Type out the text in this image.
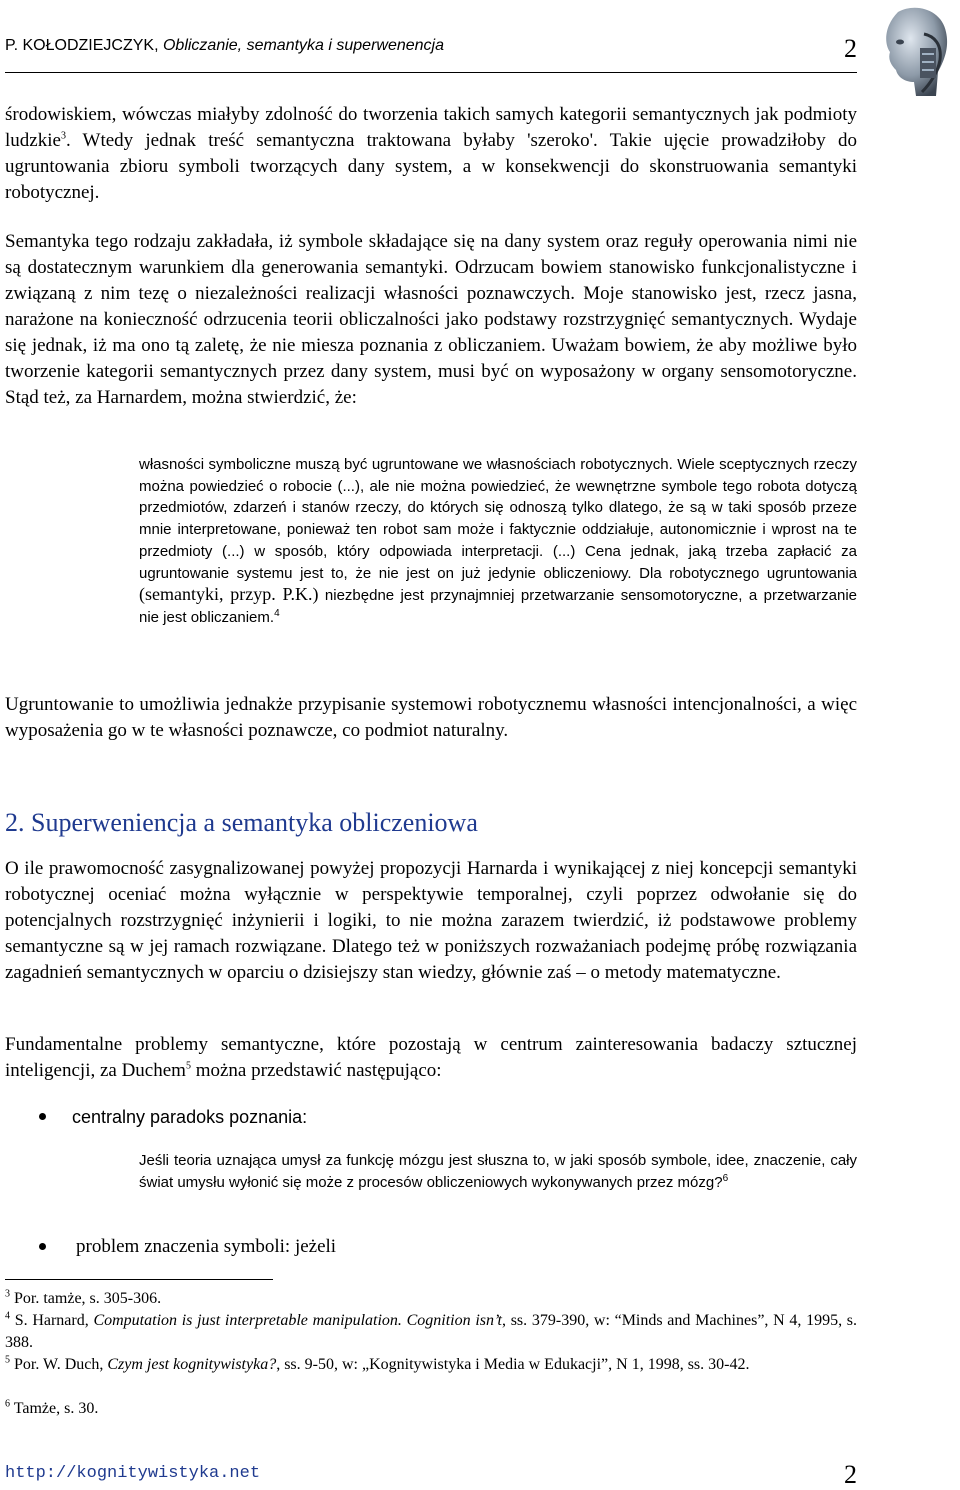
P. KOŁODZIEJCZYK, Obliczanie, semantyka i superwenencja	2

środowiskiem, wówczas miałyby zdolność do tworzenia takich samych kategorii semantycznych jak podmioty ludzkie$^3$. Wtedy jednak treść semantyczna traktowana byłaby 'szeroko'. Takie ujęcie prowadziłoby do ugruntowania zbioru symboli tworzących dany system, a w konsekwencji do skonstruowania semantyki robotycznej.

Semantyka tego rodzaju zakładała, iż symbole składające się na dany system oraz reguły operowania nimi nie są dostatecznym warunkiem dla generowania semantyki. Odrzucam bowiem stanowisko funkcjonalistyczne i związaną z nim tezę o niezależności realizacji własności poznawczych. Moje stanowisko jest, rzecz jasna, narażone na konieczność odrzucenia teorii obliczalności jako podstawy rozstrzygnięć semantycznych. Wydaje się jednak, iż ma ono tą zaletę, że nie miesza poznania z obliczaniem. Uważam bowiem, że aby możliwe było tworzenie kategorii semantycznych przez dany system, musi być on wyposażony w organy sensomotoryczne. Stąd też, za Harnardem, można stwierdzić, że:

własności symboliczne muszą być ugruntowane we własnościach robotycznych. Wiele sceptycznych rzeczy można powiedzieć o robocie (...), ale nie można powiedzieć, że wewnętrzne symbole tego robota dotyczą przedmiotów, zdarzeń i stanów rzeczy, do których się odnoszą tylko dlatego, że są w taki sposób przeze mnie interpretowane, ponieważ ten robot sam może i faktycznie oddziałuje, autonomicznie i wprost na te przedmioty (...) w sposób, który odpowiada interpretacji. (...) Cena jednak, jaką trzeba zapłacić za ugruntowanie systemu jest to, że nie jest on już jedynie obliczeniowy. Dla robotycznego ugruntowania (semantyki, przyp. P.K.) niezbędne jest przynajmniej przetwarzanie sensomotoryczne, a przetwarzanie nie jest obliczaniem.$^4$

Ugruntowanie to umożliwia jednakże przypisanie systemowi robotycznemu własności intencjonalności, a więc wyposażenia go w te własności poznawcze, co podmiot naturalny.

2. Superweniencja a semantyka obliczeniowa

O ile prawomocność zasygnalizowanej powyżej propozycji Harnarda i wynikającej z niej koncepcji semantyki robotycznej oceniać można wyłącznie w perspektywie temporalnej, czyli poprzez odwołanie się do potencjalnych rozstrzygnięć inżynierii i logiki, to nie można zarazem twierdzić, iż podstawowe problemy semantyczne są w jej ramach rozwiązane. Dlatego też w poniższych rozważaniach podejmę próbę rozwiązania zagadnień semantycznych w oparciu o dzisiejszy stan wiedzy, głównie zaś – o metody matematyczne.

Fundamentalne problemy semantyczne, które pozostają w centrum zainteresowania badaczy sztucznej inteligencji, za Duchem$^5$ można przedstawić następująco:

centralny paradoks poznania:

Jeśli teoria uznająca umysł za funkcję mózgu jest słuszna to, w jaki sposób symbole, idee, znaczenie, cały świat umysłu wyłonić się może z procesów obliczeniowych wykonywanych przez mózg?$^6$

problem znaczenia symboli: jeżeli
$^3$ Por. tamże, s. 305-306.
$^4$ S. Harnard, Computation is just interpretable manipulation. Cognition isn’t, ss. 379-390, w: “Minds and Machines”, N 4, 1995, s. 388.
$^5$ Por. W. Duch, Czym jest kognitywistyka?, ss. 9-50, w: „Kognitywistyka i Media w Edukacji”, N 1, 1998, ss. 30-42.
$^6$ Tamże, s. 30.
http://kognitywistyka.net	2
